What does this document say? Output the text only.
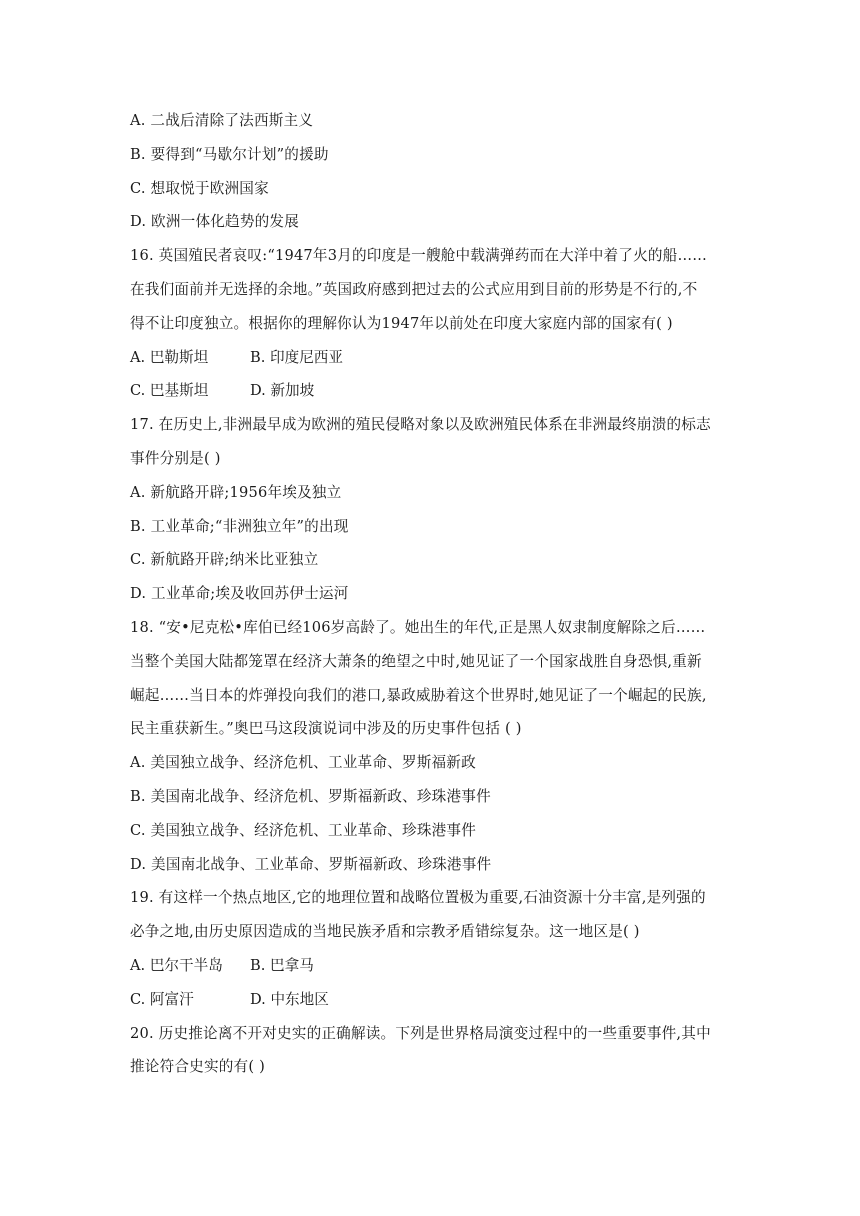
A. 二战后清除了法西斯主义
B. 要得到“马歇尔计划”的援助
C. 想取悦于欧洲国家
D. 欧洲一体化趋势的发展
16. 英国殖民者哀叹:“1947年3月的印度是一艘舱中载满弹药而在大洋中着了火的船……
在我们面前并无选择的余地。”英国政府感到把过去的公式应用到目前的形势是不行的,不
得不让印度独立。根据你的理解你认为1947年以前处在印度大家庭内部的国家有( )
A. 巴勒斯坦	B. 印度尼西亚
C. 巴基斯坦	D. 新加坡
17. 在历史上,非洲最早成为欧洲的殖民侵略对象以及欧洲殖民体系在非洲最终崩溃的标志
事件分别是( )
A. 新航路开辟;1956年埃及独立
B. 工业革命;“非洲独立年”的出现
C. 新航路开辟;纳米比亚独立
D. 工业革命;埃及收回苏伊士运河
18. “安•尼克松•库伯已经106岁高龄了。她出生的年代,正是黑人奴隶制度解除之后……
当整个美国大陆都笼罩在经济大萧条的绝望之中时,她见证了一个国家战胜自身恐惧,重新
崛起……当日本的炸弹投向我们的港口,暴政威胁着这个世界时,她见证了一个崛起的民族,
民主重获新生。”奥巴马这段演说词中涉及的历史事件包括 ( )
A. 美国独立战争、经济危机、工业革命、罗斯福新政
B. 美国南北战争、经济危机、罗斯福新政、珍珠港事件
C. 美国独立战争、经济危机、工业革命、珍珠港事件
D. 美国南北战争、工业革命、罗斯福新政、珍珠港事件
19. 有这样一个热点地区,它的地理位置和战略位置极为重要,石油资源十分丰富,是列强的
必争之地,由历史原因造成的当地民族矛盾和宗教矛盾错综复杂。这一地区是( )
A. 巴尔干半岛	B. 巴拿马
C. 阿富汗	D. 中东地区
20. 历史推论离不开对史实的正确解读。下列是世界格局演变过程中的一些重要事件,其中
推论符合史实的有( )
